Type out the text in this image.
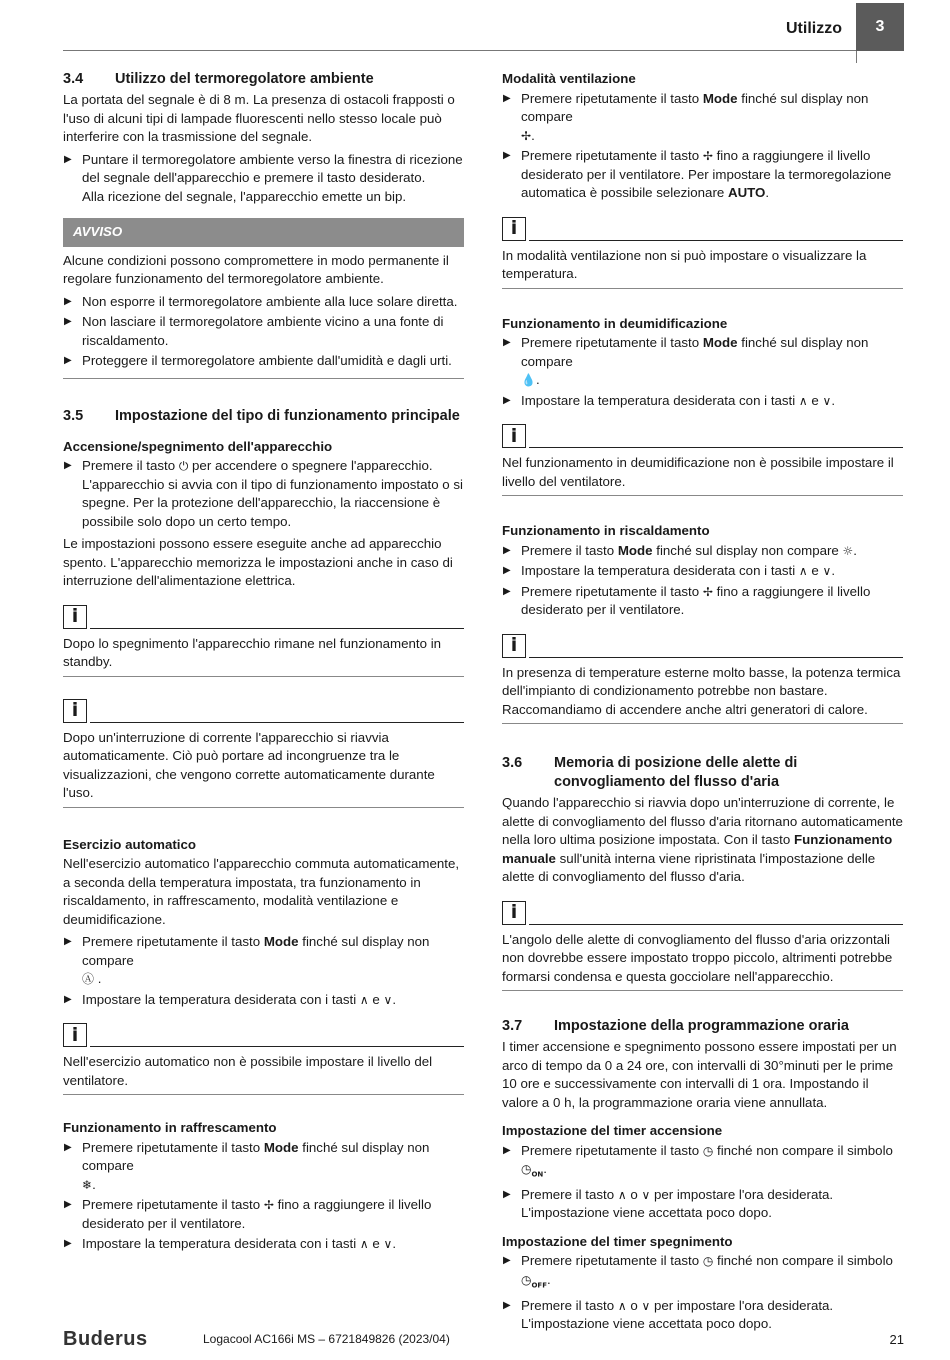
Utilizzo	3
3.4	Utilizzo del termoregolatore ambiente

La portata del segnale è di 8 m. La presenza di ostacoli frapposti o l'uso di alcuni tipi di lampade fluorescenti nello stesso locale può interferire con la trasmissione del segnale.

▶ Puntare il termoregolatore ambiente verso la finestra di ricezione del segnale dell'apparecchio e premere il tasto desiderato.
Alla ricezione del segnale, l'apparecchio emette un bip.
AVVISO

Alcune condizioni possono compromettere in modo permanente il regolare funzionamento del termoregolatore ambiente.

▶ Non esporre il termoregolatore ambiente alla luce solare diretta.
▶ Non lasciare il termoregolatore ambiente vicino a una fonte di riscaldamento.
▶ Proteggere il termoregolatore ambiente dall'umidità e dagli urti.
3.5	Impostazione del tipo di funzionamento principale
Accensione/spegnimento dell'apparecchio
▶ Premere il tasto ⏻ per accendere o spegnere l'apparecchio.
L'apparecchio si avvia con il tipo di funzionamento impostato o si spegne. Per la protezione dell'apparecchio, la riaccensione è possibile solo dopo un certo tempo.

Le impostazioni possono essere eseguite anche ad apparecchio spento. L'apparecchio memorizza le impostazioni anche in caso di interruzione dell'alimentazione elettrica.

i
Dopo lo spegnimento l'apparecchio rimane nel funzionamento in standby.
i
Dopo un'interruzione di corrente l'apparecchio si riavvia automaticamente. Ciò può portare ad incongruenze tra le visualizzazioni, che vengono corrette automaticamente durante l'uso.
Esercizio automatico

Nell'esercizio automatico l'apparecchio commuta automaticamente, a seconda della temperatura impostata, tra funzionamento in riscaldamento, in raffrescamento, modalità ventilazione e deumidificazione.

▶ Premere ripetutamente il tasto Mode finché sul display non compare
Ⓐ .
▶ Impostare la temperatura desiderata con i tasti ∧ e ∨.
i
Nell'esercizio automatico non è possibile impostare il livello del ventilatore.
Funzionamento in raffrescamento
▶ Premere ripetutamente il tasto Mode finché sul display non compare
❄.
▶ Premere ripetutamente il tasto ✢ fino a raggiungere il livello desiderato per il ventilatore.
▶ Impostare la temperatura desiderata con i tasti ∧ e ∨.
Modalità ventilazione
▶ Premere ripetutamente il tasto Mode finché sul display non compare
✢.
▶ Premere ripetutamente il tasto ✢ fino a raggiungere il livello desiderato per il ventilatore. Per impostare la termoregolazione automatica è possibile selezionare AUTO.
i
In modalità ventilazione non si può impostare o visualizzare la temperatura.
Funzionamento in deumidificazione
▶ Premere ripetutamente il tasto Mode finché sul display non compare
💧.
▶ Impostare la temperatura desiderata con i tasti ∧ e ∨.
i
Nel funzionamento in deumidificazione non è possibile impostare il livello del ventilatore.
Funzionamento in riscaldamento
▶ Premere il tasto Mode finché sul display non compare ☼.
▶ Impostare la temperatura desiderata con i tasti ∧ e ∨.
▶ Premere ripetutamente il tasto ✢ fino a raggiungere il livello desiderato per il ventilatore.
i
In presenza di temperature esterne molto basse, la potenza termica dell'impianto di condizionamento potrebbe non bastare. Raccomandiamo di accendere anche altri generatori di calore.
3.6	Memoria di posizione delle alette di convogliamento del flusso d'aria

Quando l'apparecchio si riavvia dopo un'interruzione di corrente, le alette di convogliamento del flusso d'aria ritornano automaticamente nella loro ultima posizione impostata. Con il tasto Funzionamento manuale sull'unità interna viene ripristinata l'impostazione delle alette di convogliamento del flusso d'aria.

i
L'angolo delle alette di convogliamento del flusso d'aria orizzontali non dovrebbe essere impostato troppo piccolo, altrimenti potrebbe formarsi condensa e questa gocciolare nell'apparecchio.
3.7	Impostazione della programmazione oraria

I timer accensione e spegnimento possono essere impostati per un arco di tempo da 0 a 24 ore, con intervalli di 30°minuti per le prime 10 ore e successivamente con intervalli di 1 ora. Impostando il valore a 0 h, la programmazione oraria viene annullata.

Impostazione del timer accensione
▶ Premere ripetutamente il tasto ◷ finché non compare il simbolo $◷_{ON}$.
▶ Premere il tasto ∧ o ∨ per impostare l'ora desiderata.
L'impostazione viene accettata poco dopo.
Impostazione del timer spegnimento
▶ Premere ripetutamente il tasto ◷ finché non compare il simbolo $◷_{OFF}$.
▶ Premere il tasto ∧ o ∨ per impostare l'ora desiderata.
L'impostazione viene accettata poco dopo.
Buderus	Logacool AC166i MS – 6721849826 (2023/04)	21
